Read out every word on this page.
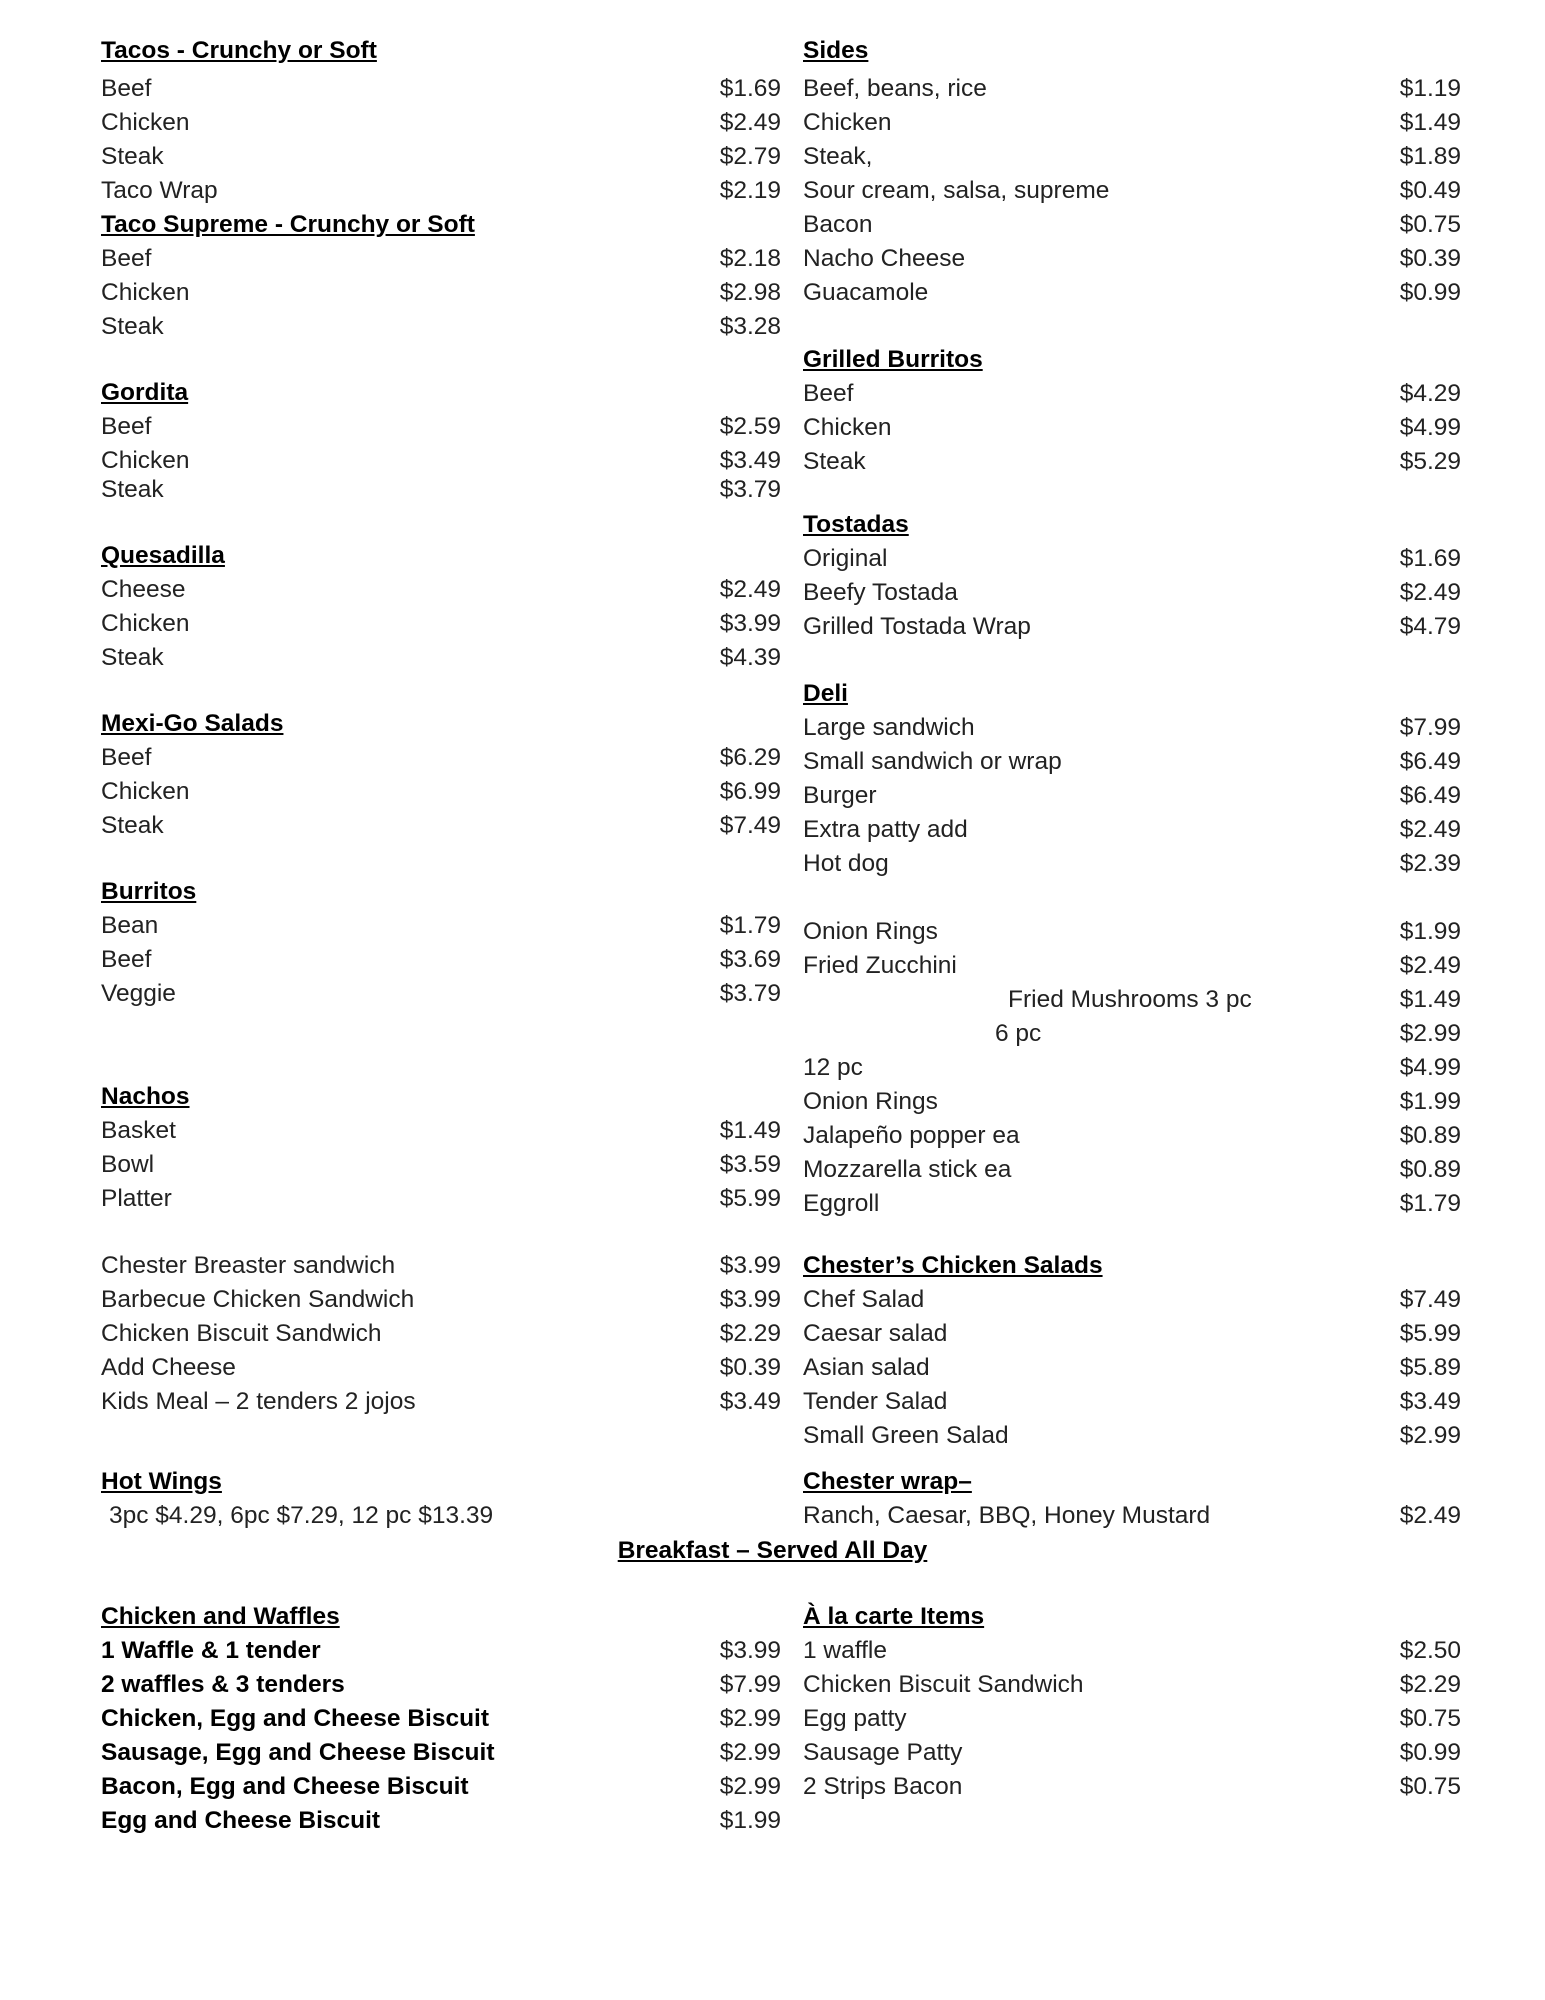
Tacos - Crunchy or Soft
Beef	$1.69
Chicken	$2.49
Steak	$2.79
Taco Wrap	$2.19
Taco Supreme - Crunchy or Soft
Beef	$2.18
Chicken	$2.98
Steak	$3.28
Gordita
Beef	$2.59
Chicken	$3.49
Steak	$3.79
Quesadilla
Cheese	$2.49
Chicken	$3.99
Steak	$4.39
Mexi-Go Salads
Beef	$6.29
Chicken	$6.99
Steak	$7.49
Burritos
Bean	$1.79
Beef	$3.69
Veggie	$3.79
Nachos
Basket	$1.49
Bowl	$3.59
Platter	$5.99
Chester Breaster sandwich	$3.99
Barbecue Chicken Sandwich	$3.99
Chicken Biscuit Sandwich	$2.29
Add Cheese	$0.39
Kids Meal – 2 tenders 2 jojos	$3.49
Hot Wings
3pc $4.29, 6pc $7.29, 12 pc $13.39
Chicken and Waffles
1 Waffle & 1 tender	$3.99
2 waffles & 3 tenders	$7.99
Chicken, Egg and Cheese Biscuit	$2.99
Sausage, Egg and Cheese Biscuit	$2.99
Bacon, Egg and Cheese Biscuit	$2.99
Egg and Cheese Biscuit	$1.99
Sides
Beef, beans, rice	$1.19
Chicken	$1.49
Steak,	$1.89
Sour cream, salsa, supreme	$0.49
Bacon	$0.75
Nacho Cheese	$0.39
Guacamole	$0.99
Grilled Burritos
Beef	$4.29
Chicken	$4.99
Steak	$5.29
Tostadas
Original	$1.69
Beefy Tostada	$2.49
Grilled Tostada Wrap	$4.79
Deli
Large sandwich	$7.99
Small sandwich or wrap	$6.49
Burger	$6.49
Extra patty add	$2.49
Hot dog	$2.39
Onion Rings	$1.99
Fried Zucchini	$2.49
Fried Mushrooms 3 pc	$1.49
6 pc	$2.99
12 pc	$4.99
Onion Rings	$1.99
Jalapeño popper ea	$0.89
Mozzarella stick ea	$0.89
Eggroll	$1.79
Chester’s Chicken Salads
Chef Salad	$7.49
Caesar salad	$5.99
Asian salad	$5.89
Tender Salad	$3.49
Small Green Salad	$2.99
Chester wrap–
Ranch, Caesar, BBQ, Honey Mustard	$2.49
À la carte Items
1 waffle	$2.50
Chicken Biscuit Sandwich	$2.29
Egg patty	$0.75
Sausage Patty	$0.99
2 Strips Bacon	$0.75
Breakfast – Served All Day
